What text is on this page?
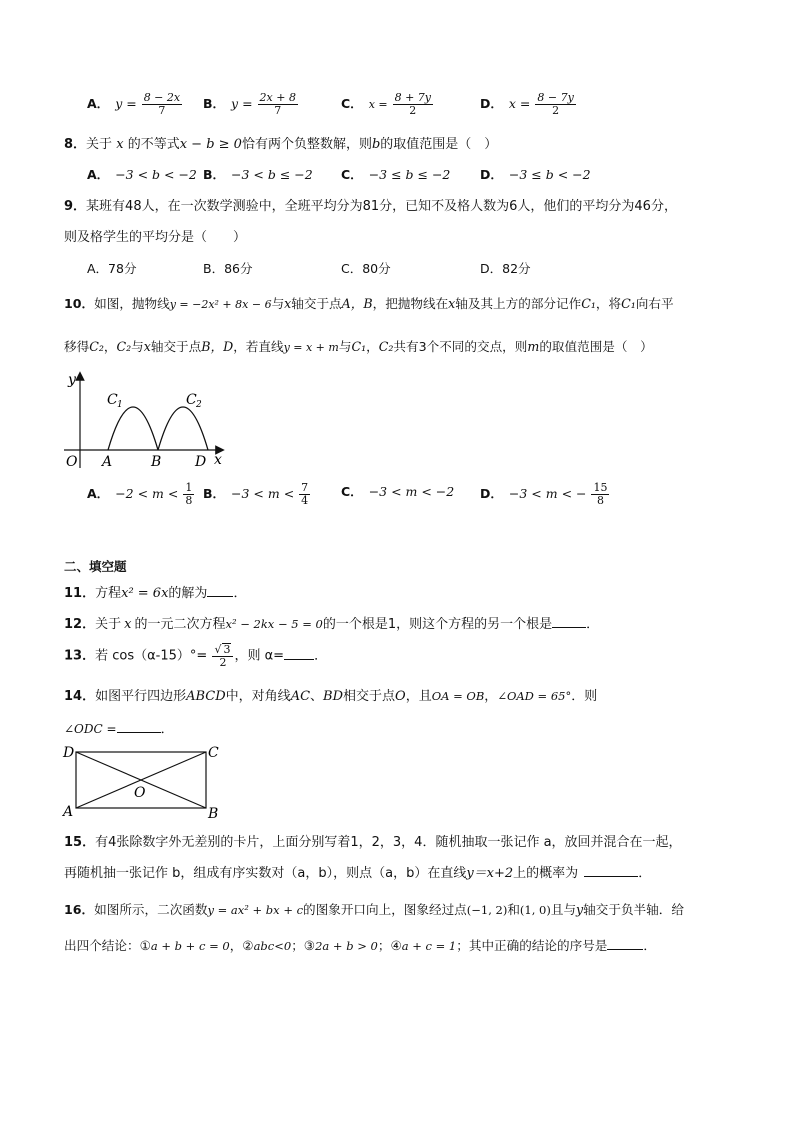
A． $y = \frac{8 - 2x}{7}$ B． $y = \frac{2x + 8}{7}$	C． $x = \frac{8 + 7y}{2}$	D． $x = \frac{8 - 7y}{2}$
8．关于 x 的不等式x − b ≥ 0恰有两个负整数解，则b的取值范围是（　）
A． −3 < b < −2 B． −3 < b ≤ −2 C． −3 ≤ b ≤ −2 D． −3 ≤ b < −2
9．某班有48人，在一次数学测验中，全班平均分为81分，已知不及格人数为6人，他们的平均分为46分，
则及格学生的平均分是（　　）
A．78分	B．86分	C．80分	D．82分
10．如图，抛物线y = −2x² + 8x − 6与x轴交于点A，B，把抛物线在x轴及其上方的部分记作C₁，将C₁向右平
移得C₂，C₂与x轴交于点B，D，若直线y = x + m与C₁，C₂共有3个不同的交点，则m的取值范围是（　）
y
x
O A	B D
C 1	C 2
A． $-2 < m < \frac{1}{8}$ B． $-3 < m < \frac{7}{4}$ C． −3 < m < −2 D． −3 < m < − $\frac{15}{8}$
二、填空题
11．方程x² = 6x的解为 ．
12．关于 x 的一元二次方程x² − 2kx − 5 = 0的一个根是1，则这个方程的另一个根是	．
13．若 $\cos(\alpha-15)^\circ= \frac{√ 3}{2}$ ，则 α= ．
14．如图平行四边形ABCD中，对角线AC、BD相交于点O，且OA = OB，∠OAD = 65°．则
∠ODC =	．
D	C
A	B
O
15．有4张除数字外无差别的卡片，上面分别写着1，2，3，4．随机抽取一张记作 a，放回并混合在一起，
再随机抽一张记作 b，组成有序实数对（a，b），则点（a，b）在直线y＝x+2上的概率为	．
16．如图所示，二次函数y = ax² + bx + c的图象开口向上，图象经过点(−1, 2)和(1, 0)且与y轴交于负半轴．给
出四个结论：①a + b + c = 0，②abc<0；③2a + b > 0；④a + c = 1；其中正确的结论的序号是	．
